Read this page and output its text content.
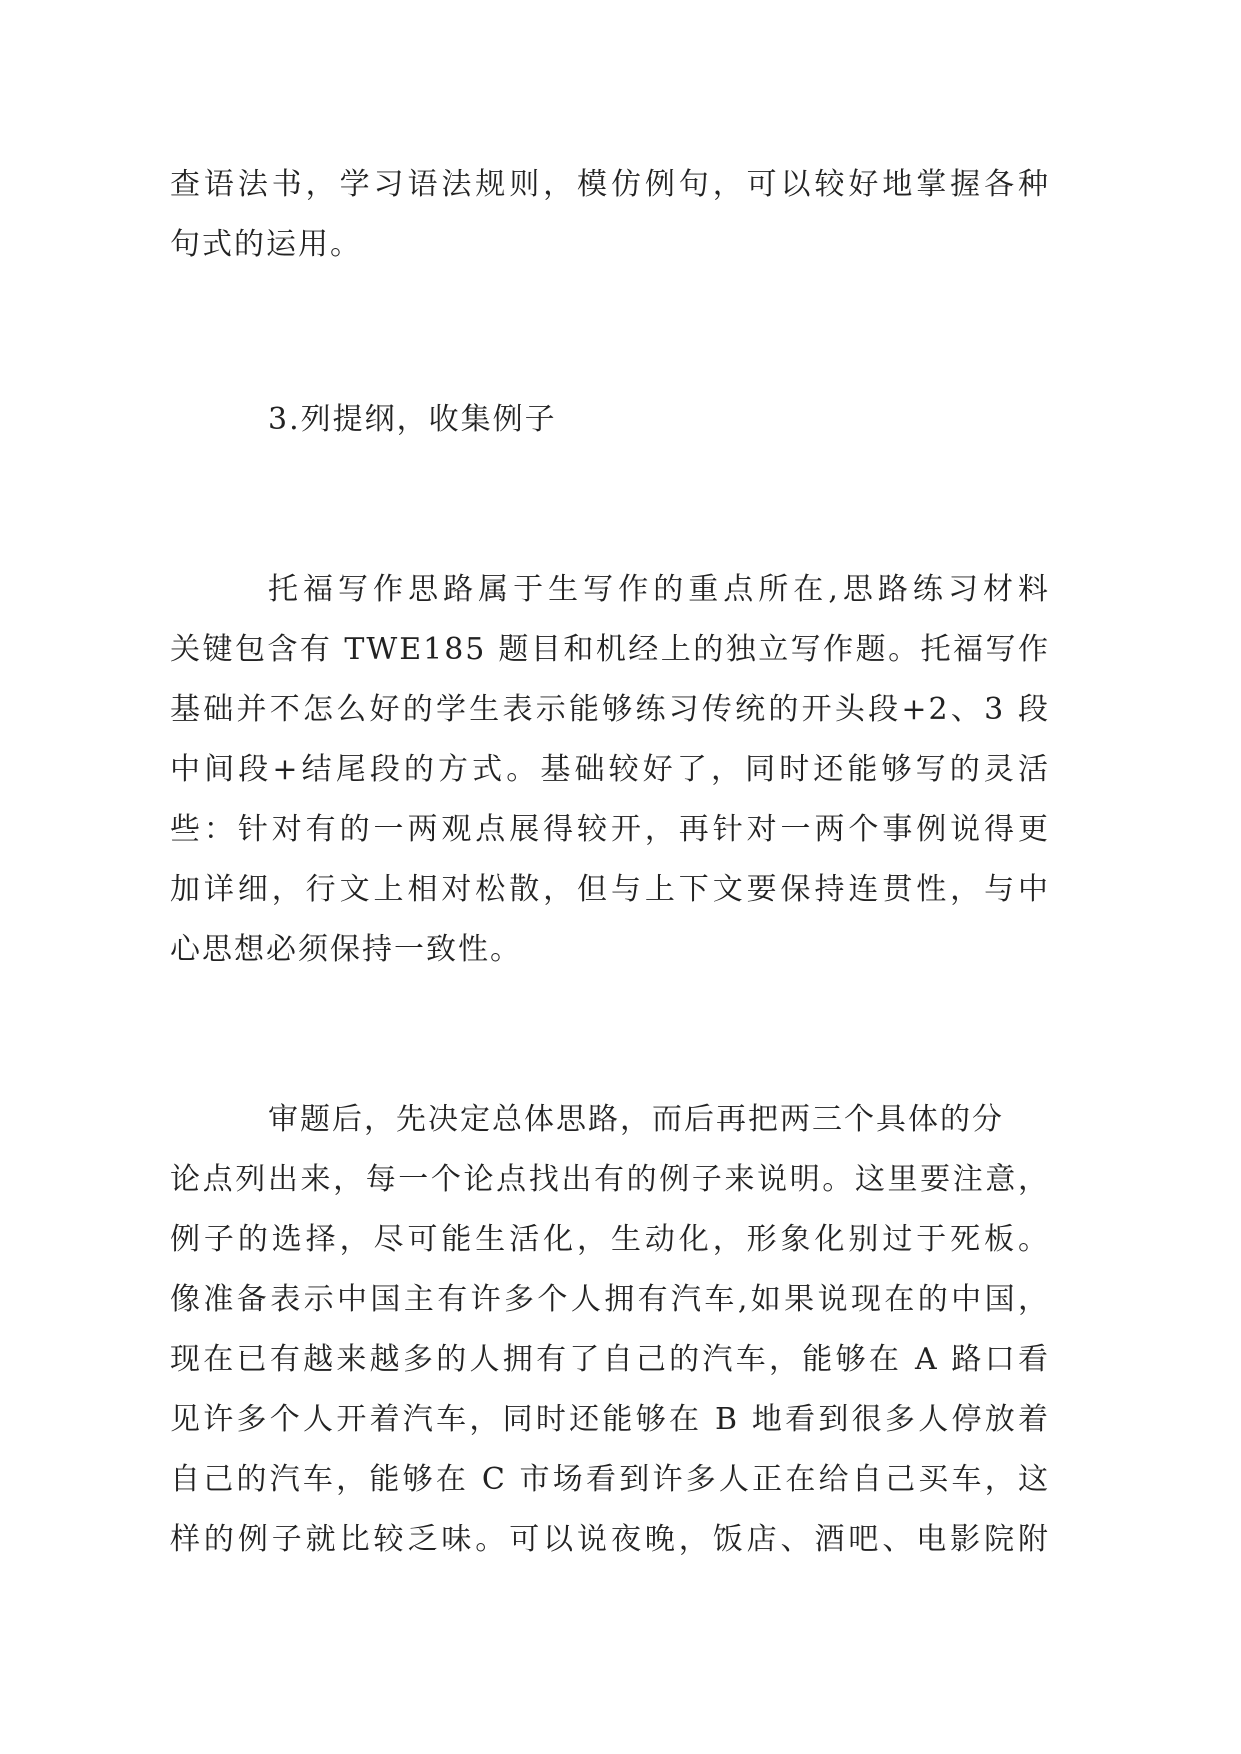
查语法书，学习语法规则，模仿例句，可以较好地掌握各种
句式的运用。
3.列提纲，收集例子
托福写作思路属于生写作的重点所在,思路练习材料
关键包含有 TWE185 题目和机经上的独立写作题。托福写作
基础并不怎么好的学生表示能够练习传统的开头段+2、3 段
中间段+结尾段的方式。基础较好了，同时还能够写的灵活
些：针对有的一两观点展得较开，再针对一两个事例说得更
加详细，行文上相对松散，但与上下文要保持连贯性，与中
心思想必须保持一致性。
审题后，先决定总体思路，而后再把两三个具体的分
论点列出来，每一个论点找出有的例子来说明。这里要注意，
例子的选择，尽可能生活化，生动化，形象化别过于死板。
像准备表示中国主有许多个人拥有汽车,如果说现在的中国，
现在已有越来越多的人拥有了自己的汽车，能够在 A 路口看
见许多个人开着汽车，同时还能够在 B 地看到很多人停放着
自己的汽车，能够在 C 市场看到许多人正在给自己买车，这
样的例子就比较乏味。可以说夜晚，饭店、酒吧、电影院附
